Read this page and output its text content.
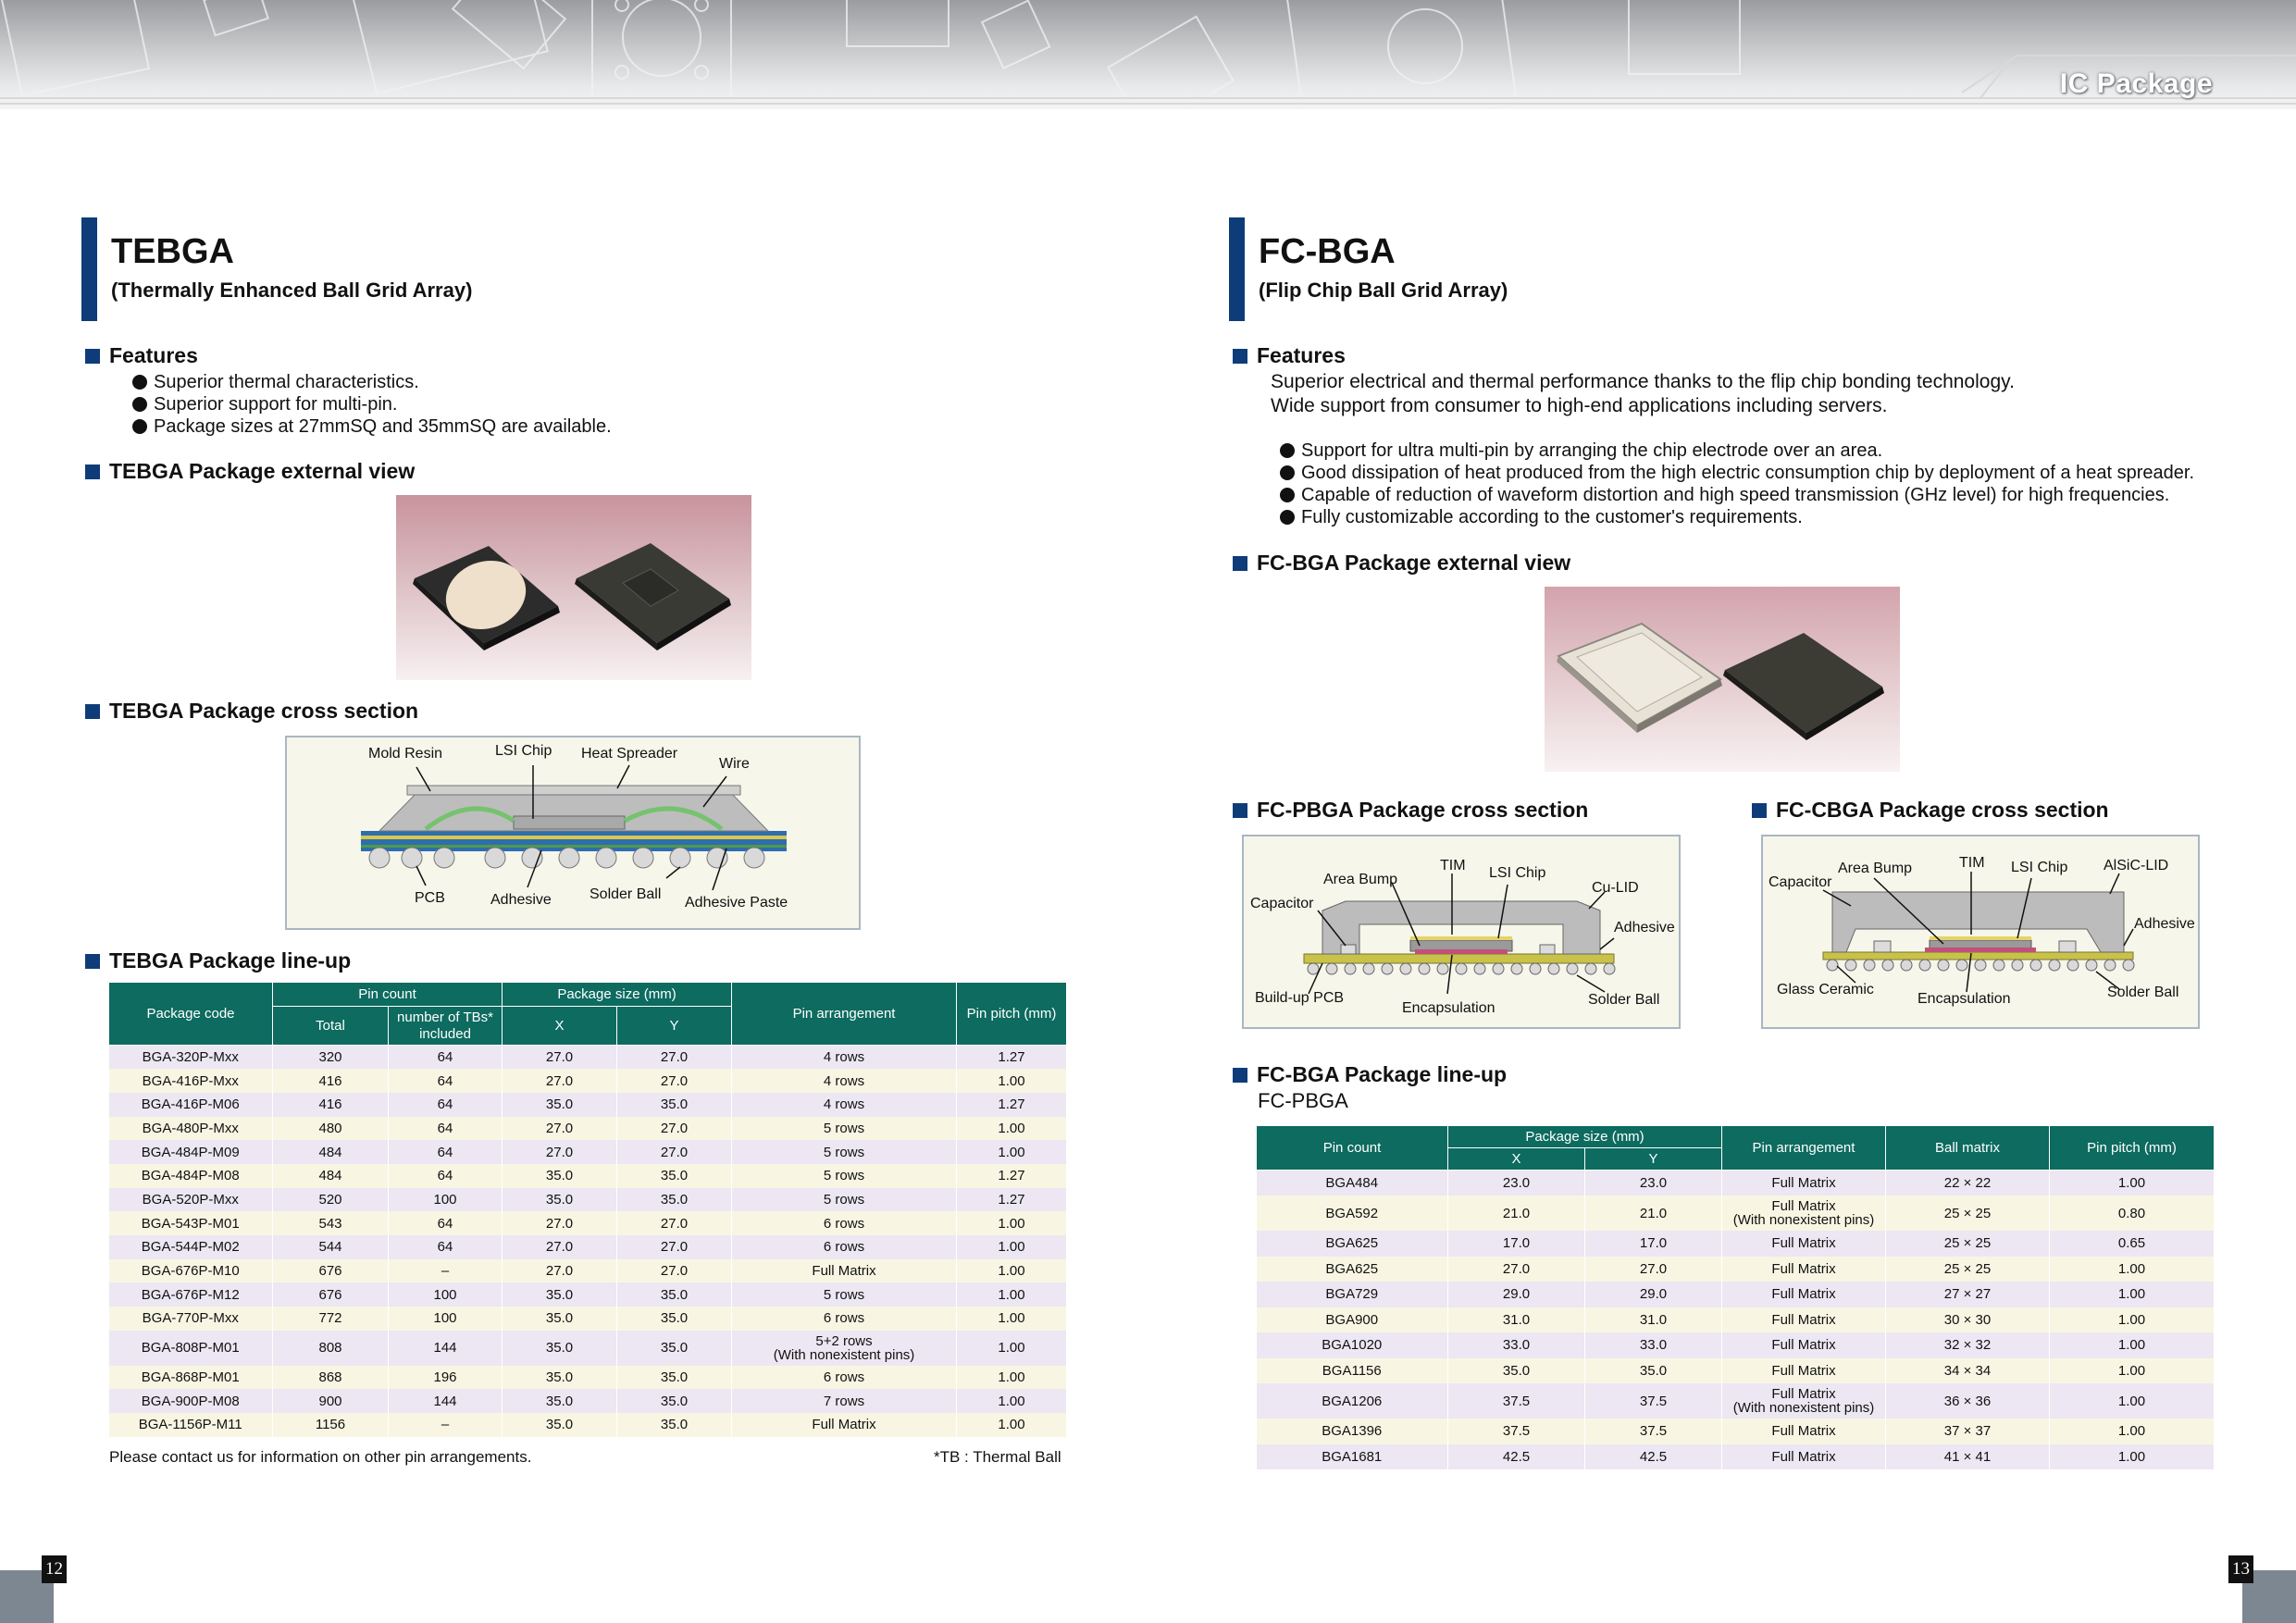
IC Package
TEBGA
(Thermally Enhanced Ball Grid Array)
Features
Superior thermal characteristics.
Superior support for multi-pin.
Package sizes at 27mmSQ and 35mmSQ are available.
TEBGA Package external view
TEBGA Package cross section
Mold Resin	LSI Chip Heat Spreader
Wire
PCB	Adhesive	Solder Ball
Adhesive Paste
TEBGA Package line-up
Package code	Pin count		Package size (mm)		Pin arrangement	Pin pitch (mm)
	Total	number of TBs* included	X	Y		
BGA-320P-Mxx	320	64	27.0	27.0	4 rows	1.27
BGA-416P-Mxx	416	64	27.0	27.0	4 rows	1.00
BGA-416P-M06	416	64	35.0	35.0	4 rows	1.27
BGA-480P-Mxx	480	64	27.0	27.0	5 rows	1.00
BGA-484P-M09	484	64	27.0	27.0	5 rows	1.00
BGA-484P-M08	484	64	35.0	35.0	5 rows	1.27
BGA-520P-Mxx	520	100	35.0	35.0	5 rows	1.27
BGA-543P-M01	543	64	27.0	27.0	6 rows	1.00
BGA-544P-M02	544	64	27.0	27.0	6 rows	1.00
BGA-676P-M10	676	–	27.0	27.0	Full Matrix	1.00
BGA-676P-M12	676	100	35.0	35.0	5 rows	1.00
BGA-770P-Mxx	772	100	35.0	35.0	6 rows	1.00
BGA-808P-M01	808	144	35.0	35.0	5+2 rows
(With nonexistent pins)	1.00
BGA-868P-M01	868	196	35.0	35.0	6 rows	1.00
BGA-900P-M08	900	144	35.0	35.0	7 rows	1.00
BGA-1156P-M11	1156	–	35.0	35.0	Full Matrix	1.00
Please contact us for information on other pin arrangements.	*TB : Thermal Ball
12
FC-BGA
(Flip Chip Ball Grid Array)
Features
Superior electrical and thermal performance thanks to the flip chip bonding technology.
Wide support from consumer to high-end applications including servers.
Support for ultra multi-pin by arranging the chip electrode over an area.
Good dissipation of heat produced from the high electric consumption chip by deployment of a heat spreader.
Capable of reduction of waveform distortion and high speed transmission (GHz level) for high frequencies.
Fully customizable according to the customer's requirements.
FC-BGA Package external view
FC-PBGA Package cross section
TIM
Area Bump	LSI Chip
Cu-LID
Capacitor
Adhesive
Build-up PCB
Encapsulation
Solder Ball
FC-CBGA Package cross section
TIM
Area Bump	LSI Chip AlSiC-LID
Capacitor
Adhesive
Glass Ceramic
Encapsulation	Solder Ball
FC-BGA Package line-up
FC-PBGA
Pin count	Package size (mm)		Pin arrangement	Ball matrix	Pin pitch (mm)
	X	Y			
BGA484	23.0	23.0	Full Matrix	22 × 22	1.00
BGA592	21.0	21.0	Full Matrix
(With nonexistent pins)	25 × 25	0.80
BGA625	17.0	17.0	Full Matrix	25 × 25	0.65
BGA625	27.0	27.0	Full Matrix	25 × 25	1.00
BGA729	29.0	29.0	Full Matrix	27 × 27	1.00
BGA900	31.0	31.0	Full Matrix	30 × 30	1.00
BGA1020	33.0	33.0	Full Matrix	32 × 32	1.00
BGA1156	35.0	35.0	Full Matrix	34 × 34	1.00
BGA1206	37.5	37.5	Full Matrix
(With nonexistent pins)	36 × 36	1.00
BGA1396	37.5	37.5	Full Matrix	37 × 37	1.00
BGA1681	42.5	42.5	Full Matrix	41 × 41	1.00
13
